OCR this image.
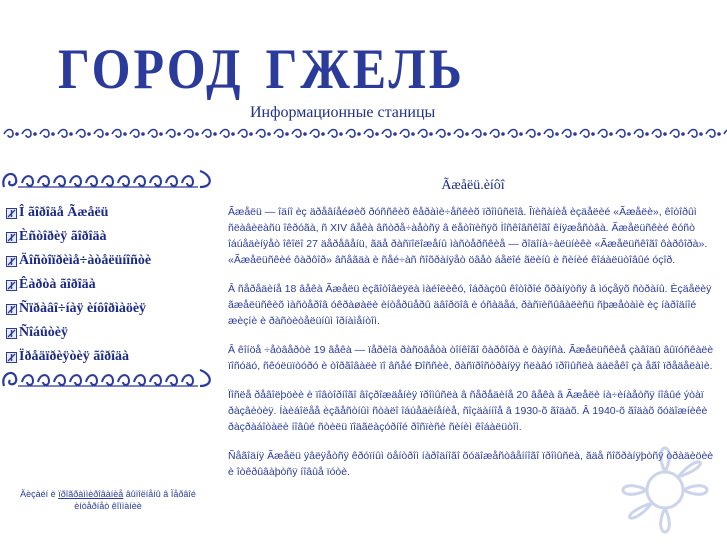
ГОРОД ГЖЕЛЬ
Информационные станицы
Î ãîðîäå Ãæåëü
Èñòîðèÿ ãîðîäà
Äîñòîïðèìå÷àòåëüíîñòè
Êàðòà ãîðîäà
Ñïðàâî÷íàÿ èíôîðìàöèÿ
Ñîáûòèÿ
Ïðåäïðèÿòèÿ ãîðîäà
Äèçàéí è ïðîãðàììèðîâàíèå âûïîëíåíû â Ïåðâîé èíòåðíåò êîìïàíèè
Ãæåëü.èíôî

Ãæåëü — îäíî èç äðåâíåéøèõ ðóññêèõ êåðàìè÷åñêèõ ïðîìûñëîâ. Îïèñàíèå èçäåëèé «Ãæåëè», êîòîðûì ñëàâèëàñü îêðóãà, ñ XIV âåêà âñòðå÷àåòñÿ â ëåòîïèñÿõ Ìîñêîâñêîãî êíÿæåñòâà. Ãæåëüñêèé êóñò îáúåäèíÿåò îêîëî 27 äåðåâåíü, ãäå ðàñïîëîæåíû ìàñòåðñêèå — ðîäîíà÷àëüíèêè «Ãæåëüñêîãî ôàðôîðà». «Ãæåëüñêèé ôàðôîð» âñåãäà è ñåé÷àñ ñîõðàíÿåò öâåò áåëîé ãëèíû è ñèíèé êîáàëüòîâûé óçîð.

Â ñåðåäèíå 18 âåêà Ãæåëü èçãîòîâëÿëà ìàéîëèêó, îáðàçöû êîòîðîé õðàíÿòñÿ â ìóçåÿõ ñòðàíû. Èçäåëèÿ ãæåëüñêèõ ìàñòåðîâ óêðàøàëè èíòåðüåðû äâîðöîâ è óñàäåá, ðàñïèñûâàëèñü ñþæåòàìè èç íàðîäíîé æèçíè è ðàñòèòåëüíûì îðíàìåíòîì.

Â êîíöå ÷åòâåðòè 19 âåêà — ïåðèîä ðàñöâåòà òîíêîãî ôàðôîðà è ôàÿíñà. Ãæåëüñêèå çàâîäû âûïóñêàëè ïîñóäó, ñêóëüïòóðó è òîðãîâàëè ïî âñåé Ðîññèè, ðàñïðîñòðàíÿÿ ñëàâó ïðîìûñëà äàëåêî çà åãî ïðåäåëàìè.

Ïîñëå ðåâîëþöèè è ïîâòîðíîãî âîçðîæäåíèÿ ïðîìûñëà â ñåðåäèíå 20 âåêà â Ãæåëè íà÷èíàåòñÿ íîâûé ýòàï ðàçâèòèÿ. Íàèáîëåå èçâåñòíûì ñòàëî îáúåäèíåíèå, ñîçäàííîå â 1930-õ ãîäàõ. Â 1940-õ ãîäàõ õóäîæíèêè ðàçðàáîòàëè íîâûé ñòèëü ïîäãëàçóðíîé ðîñïèñè ñèíèì êîáàëüòîì.

Ñåãîäíÿ Ãæåëü ÿâëÿåòñÿ êðóïíûì öåíòðîì íàðîäíîãî õóäîæåñòâåííîãî ïðîìûñëà, ãäå ñîõðàíÿþòñÿ òðàäèöèè è îòêðûâàþòñÿ íîâûå ïóòè.
